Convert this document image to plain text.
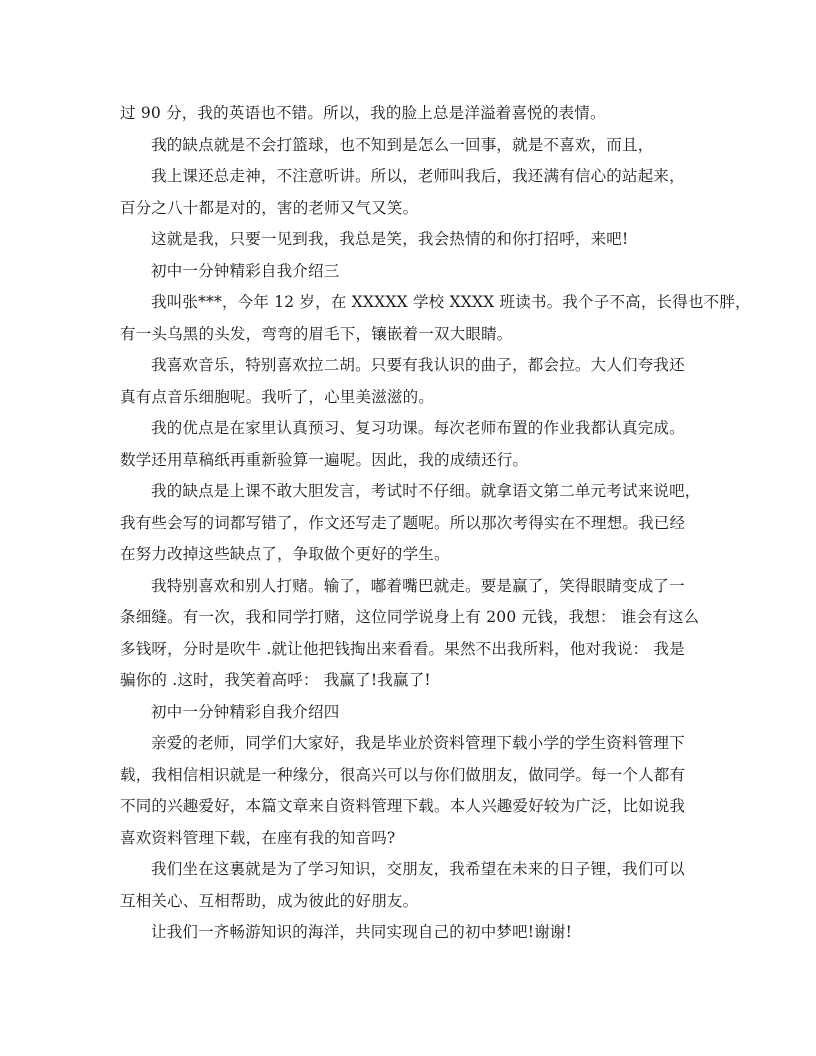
过 90 分，我的英语也不错。所以，我的脸上总是洋溢着喜悦的表情。

我的缺点就是不会打篮球，也不知到是怎么一回事，就是不喜欢，而且，

我上课还总走神，不注意听讲。所以，老师叫我后，我还满有信心的站起来，

百分之八十都是对的，害的老师又气又笑。

这就是我，只要一见到我，我总是笑，我会热情的和你打招呼，来吧!

初中一分钟精彩自我介绍三

我叫张***，今年 12 岁，在 XXXXX 学校 XXXX 班读书。我个子不高，长得也不胖，

有一头乌黑的头发，弯弯的眉毛下，镶嵌着一双大眼睛。

我喜欢音乐，特别喜欢拉二胡。只要有我认识的曲子，都会拉。大人们夸我还

真有点音乐细胞呢。我听了，心里美滋滋的。

我的优点是在家里认真预习、复习功课。每次老师布置的作业我都认真完成。

数学还用草稿纸再重新验算一遍呢。因此，我的成绩还行。

我的缺点是上课不敢大胆发言，考试时不仔细。就拿语文第二单元考试来说吧，

我有些会写的词都写错了，作文还写走了题呢。所以那次考得实在不理想。我已经

在努力改掉这些缺点了，争取做个更好的学生。

我特别喜欢和别人打赌。输了，嘟着嘴巴就走。要是赢了，笑得眼睛变成了一

条细缝。有一次，我和同学打赌，这位同学说身上有 200 元钱，我想： 谁会有这么

多钱呀，分时是吹牛 .就让他把钱掏出来看看。果然不出我所料，他对我说： 我是

骗你的 .这时，我笑着高呼： 我赢了!我赢了!

初中一分钟精彩自我介绍四

亲爱的老师，同学们大家好，我是毕业於资料管理下载小学的学生资料管理下

载，我相信相识就是一种缘分，很高兴可以与你们做朋友，做同学。每一个人都有

不同的兴趣爱好，本篇文章来自资料管理下载。本人兴趣爱好较为广泛，比如说我

喜欢资料管理下载，在座有我的知音吗?

我们坐在这裏就是为了学习知识，交朋友，我希望在未来的日子锂，我们可以

互相关心、互相帮助，成为彼此的好朋友。

让我们一齐畅游知识的海洋，共同实现自己的初中梦吧!谢谢!
